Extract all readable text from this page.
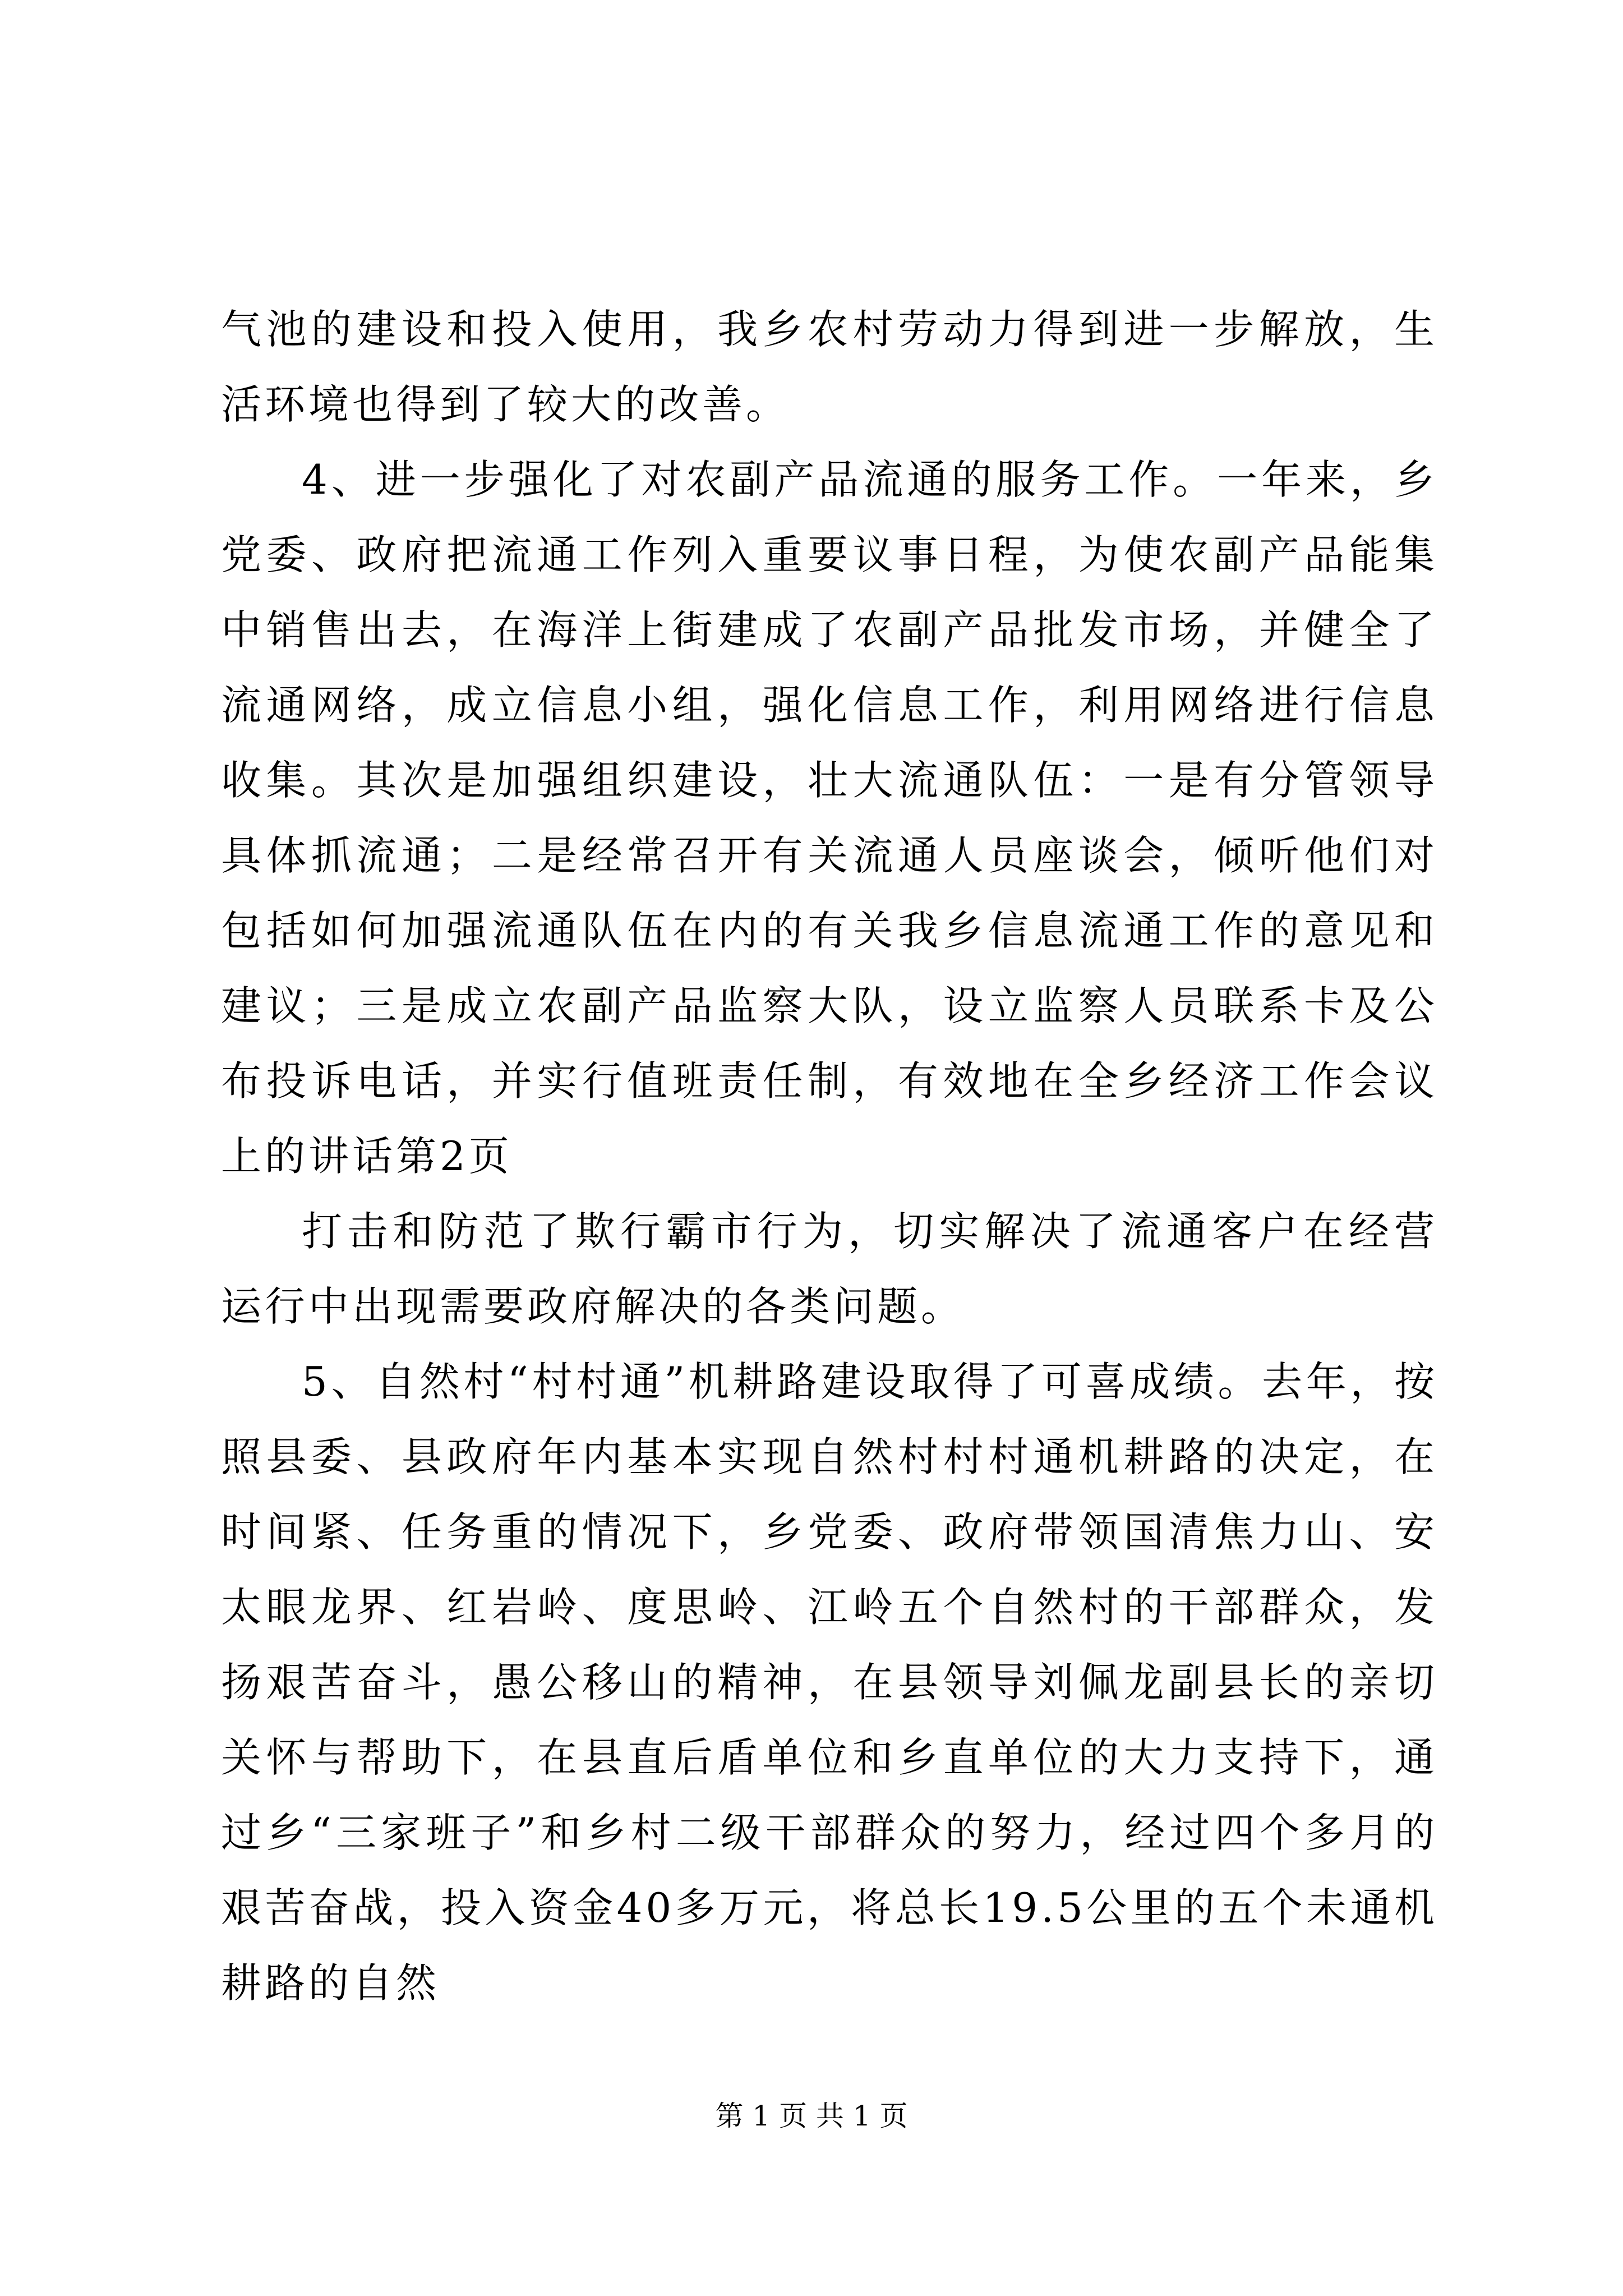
气池的建设和投入使用，我乡农村劳动力得到进一步解放，生活环境也得到了较大的改善。

4、进一步强化了对农副产品流通的服务工作。一年来，乡党委、政府把流通工作列入重要议事日程，为使农副产品能集中销售出去，在海洋上街建成了农副产品批发市场，并健全了流通网络，成立信息小组，强化信息工作，利用网络进行信息收集。其次是加强组织建设，壮大流通队伍：一是有分管领导具体抓流通；二是经常召开有关流通人员座谈会，倾听他们对包括如何加强流通队伍在内的有关我乡信息流通工作的意见和建议；三是成立农副产品监察大队，设立监察人员联系卡及公布投诉电话，并实行值班责任制，有效地在全乡经济工作会议上的讲话第2页

打击和防范了欺行霸市行为，切实解决了流通客户在经营运行中出现需要政府解决的各类问题。

5、自然村“村村通”机耕路建设取得了可喜成绩。去年，按照县委、县政府年内基本实现自然村村村通机耕路的决定，在时间紧、任务重的情况下，乡党委、政府带领国清焦力山、安太眼龙界、红岩岭、度思岭、江岭五个自然村的干部群众，发扬艰苦奋斗，愚公移山的精神，在县领导刘佩龙副县长的亲切关怀与帮助下，在县直后盾单位和乡直单位的大力支持下，通过乡“三家班子”和乡村二级干部群众的努力，经过四个多月的艰苦奋战，投入资金40多万元，将总长19.5公里的五个未通机耕路的自然

第 1 页 共 1 页
